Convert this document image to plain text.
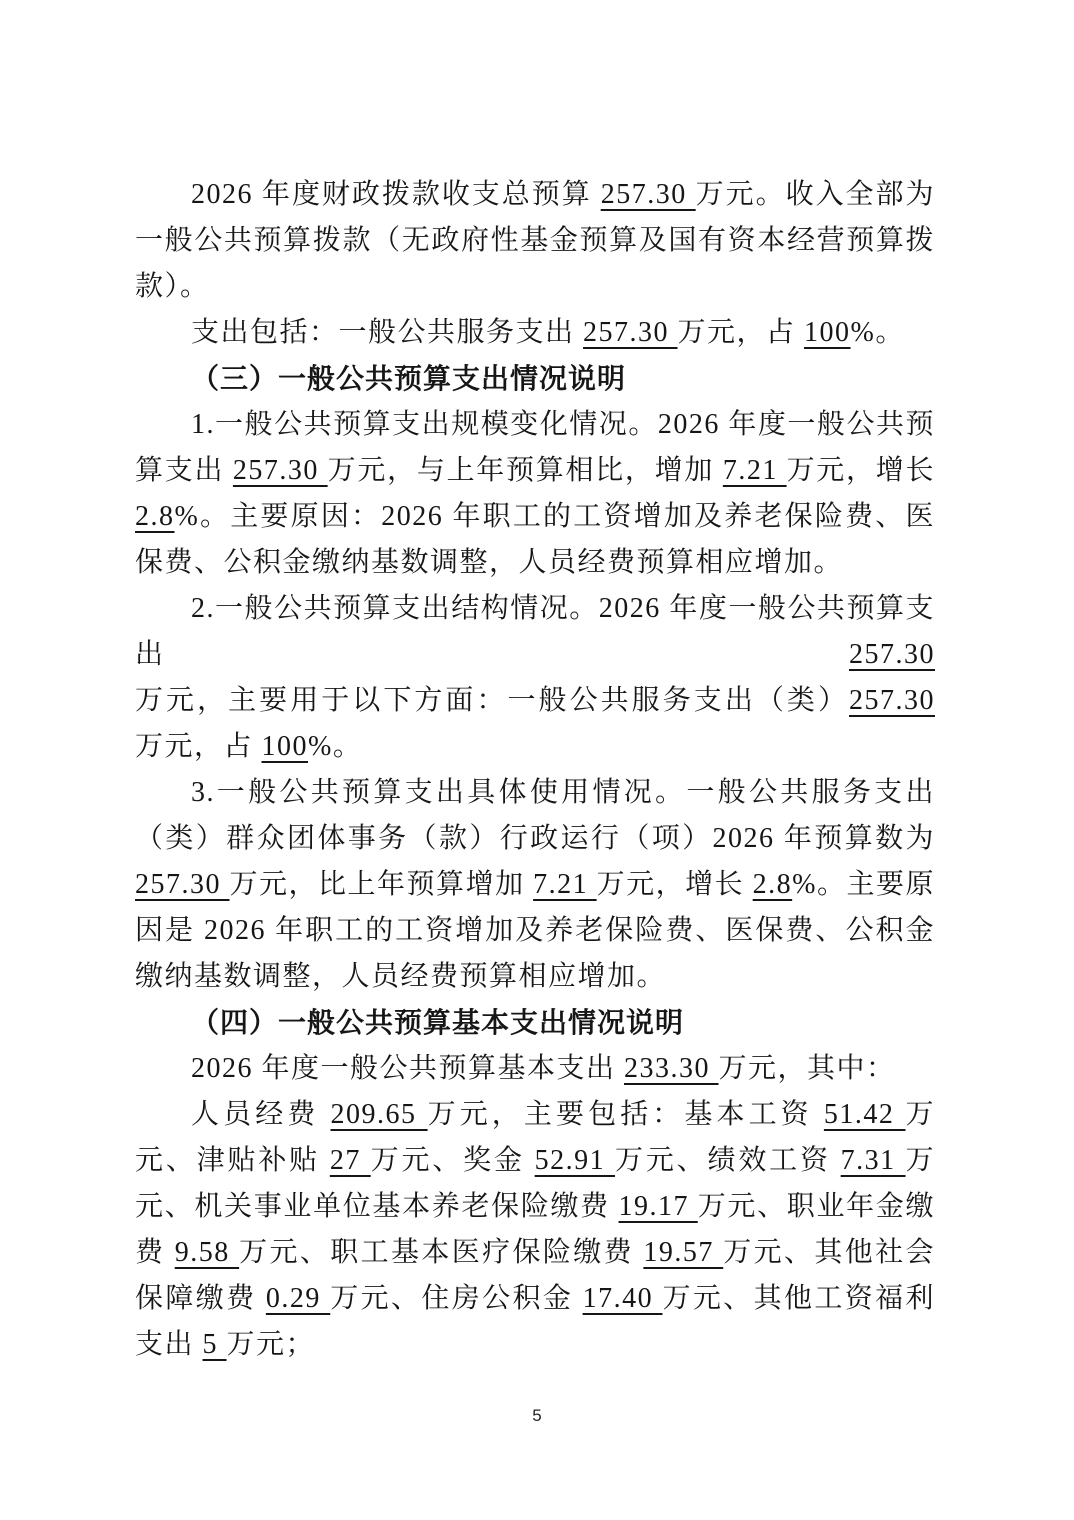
2026 年度财政拨款收支总预算 257.30 万元。收入全部为一般公共预算拨款（无政府性基金预算及国有资本经营预算拨款）。

支出包括：一般公共服务支出 257.30 万元，占 100%。

（三）一般公共预算支出情况说明

1.一般公共预算支出规模变化情况。2026 年度一般公共预算支出 257.30 万元，与上年预算相比，增加 7.21 万元，增长 2.8%。主要原因：2026 年职工的工资增加及养老保险费、医保费、公积金缴纳基数调整，人员经费预算相应增加。

2.一般公共预算支出结构情况。2026 年度一般公共预算支出 257.30 万元，主要用于以下方面：一般公共服务支出（类）257.30 万元，占 100%。

3.一般公共预算支出具体使用情况。一般公共服务支出（类）群众团体事务（款）行政运行（项）2026 年预算数为 257.30 万元，比上年预算增加 7.21 万元，增长 2.8%。主要原因是 2026 年职工的工资增加及养老保险费、医保费、公积金缴纳基数调整，人员经费预算相应增加。

（四）一般公共预算基本支出情况说明

2026 年度一般公共预算基本支出 233.30 万元，其中：

人员经费 209.65 万元，主要包括：基本工资 51.42 万元、津贴补贴 27 万元、奖金 52.91 万元、绩效工资 7.31 万元、机关事业单位基本养老保险缴费 19.17 万元、职业年金缴费 9.58 万元、职工基本医疗保险缴费 19.57 万元、其他社会保障缴费 0.29 万元、住房公积金 17.40 万元、其他工资福利支出 5 万元；

5
